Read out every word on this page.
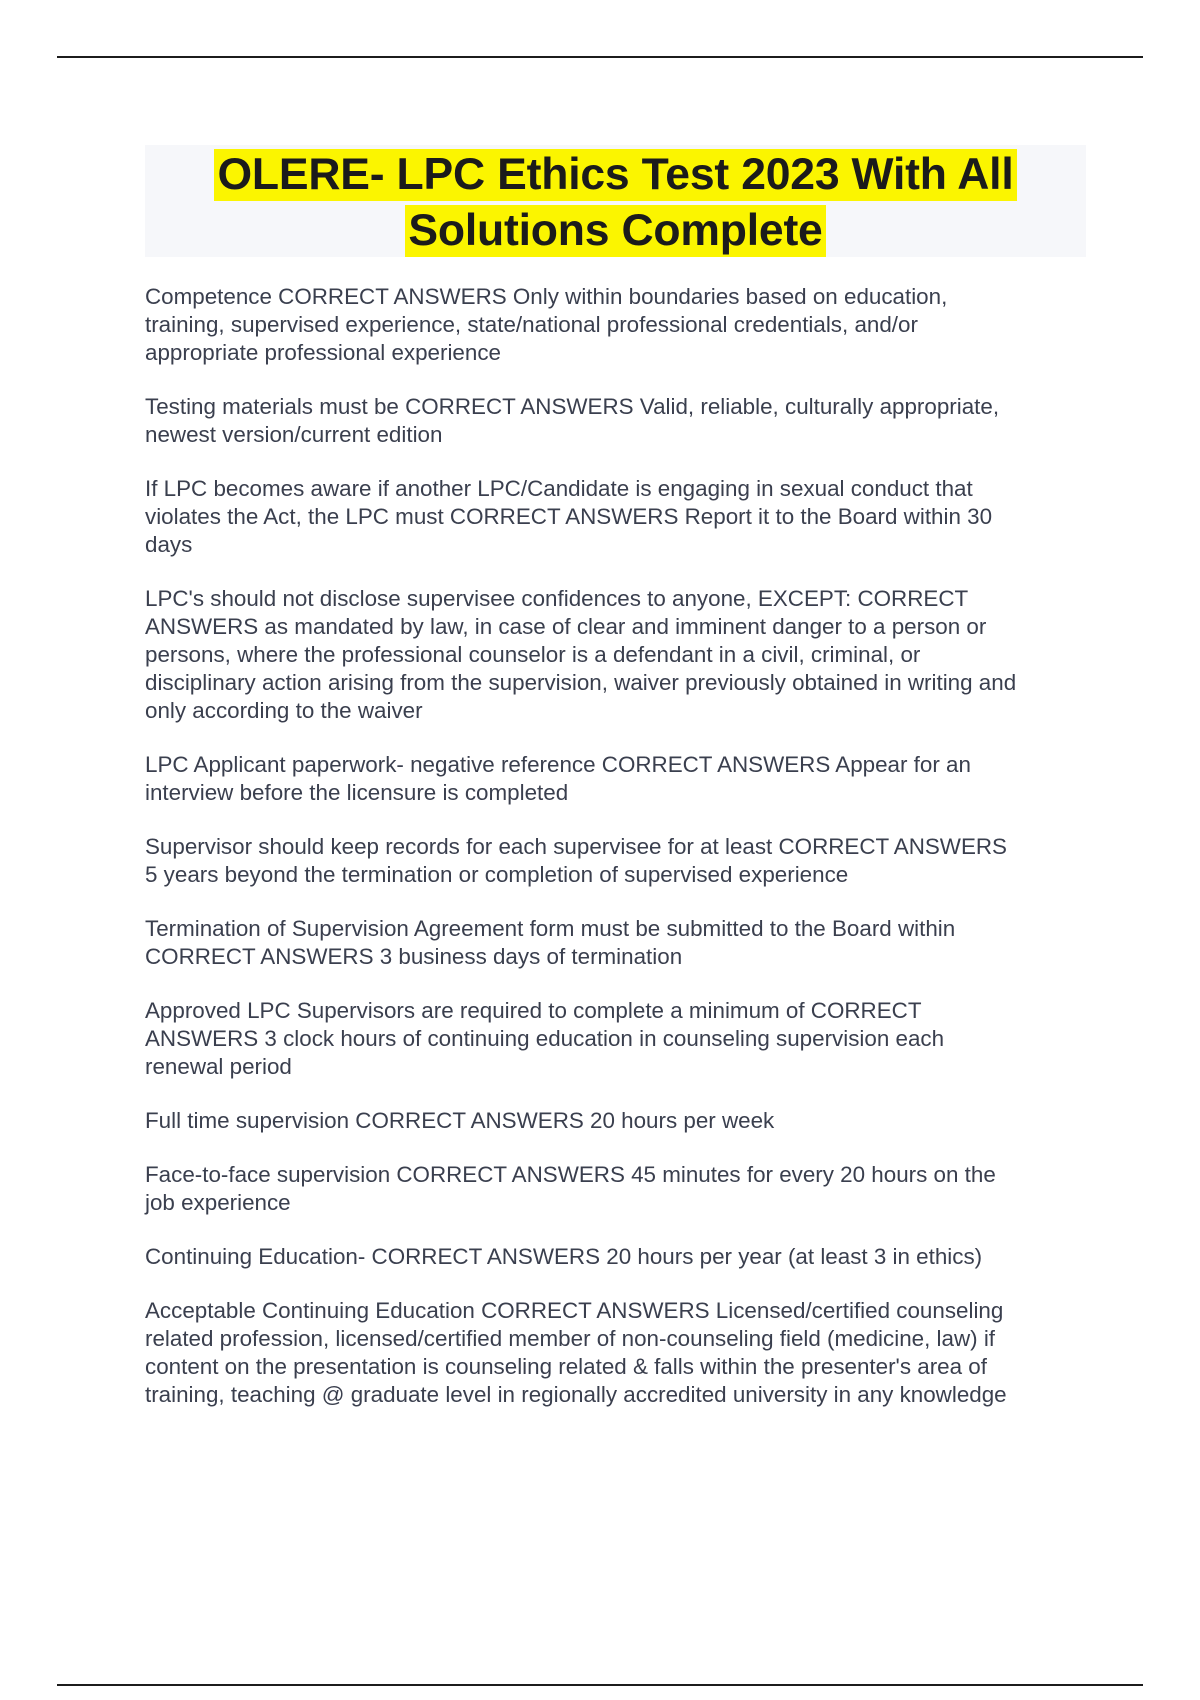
OLERE- LPC Ethics Test 2023 With All
Solutions Complete
Competence CORRECT ANSWERS Only within boundaries based on education,
training, supervised experience, state/national professional credentials, and/or
appropriate professional experience
Testing materials must be CORRECT ANSWERS Valid, reliable, culturally appropriate,
newest version/current edition
If LPC becomes aware if another LPC/Candidate is engaging in sexual conduct that
violates the Act, the LPC must CORRECT ANSWERS Report it to the Board within 30
days
LPC's should not disclose supervisee confidences to anyone, EXCEPT: CORRECT
ANSWERS as mandated by law, in case of clear and imminent danger to a person or
persons, where the professional counselor is a defendant in a civil, criminal, or
disciplinary action arising from the supervision, waiver previously obtained in writing and
only according to the waiver
LPC Applicant paperwork- negative reference CORRECT ANSWERS Appear for an
interview before the licensure is completed
Supervisor should keep records for each supervisee for at least CORRECT ANSWERS
5 years beyond the termination or completion of supervised experience
Termination of Supervision Agreement form must be submitted to the Board within
CORRECT ANSWERS 3 business days of termination
Approved LPC Supervisors are required to complete a minimum of CORRECT
ANSWERS 3 clock hours of continuing education in counseling supervision each
renewal period
Full time supervision CORRECT ANSWERS 20 hours per week
Face-to-face supervision CORRECT ANSWERS 45 minutes for every 20 hours on the
job experience
Continuing Education- CORRECT ANSWERS 20 hours per year (at least 3 in ethics)
Acceptable Continuing Education CORRECT ANSWERS Licensed/certified counseling
related profession, licensed/certified member of non-counseling field (medicine, law) if
content on the presentation is counseling related & falls within the presenter's area of
training, teaching @ graduate level in regionally accredited university in any knowledge
